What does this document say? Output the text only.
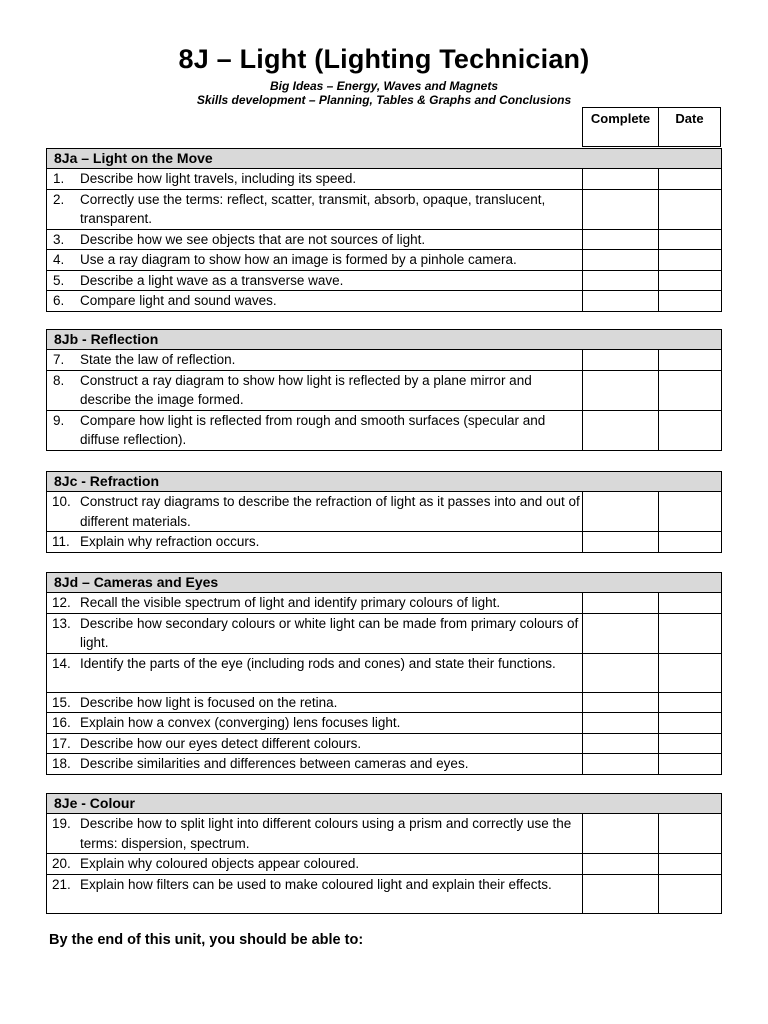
8J – Light (Lighting Technician)
Big Ideas – Energy, Waves and Magnets
Skills development – Planning, Tables & Graphs and Conclusions
Complete	Date
8Ja – Light on the Move		

1. Describe how light travels, including its speed.		

2. Correctly use the terms: reflect, scatter, transmit, absorb, opaque, translucent, transparent.		

3. Describe how we see objects that are not sources of light.		

4. Use a ray diagram to show how an image is formed by a pinhole camera.		

5. Describe a light wave as a transverse wave.		

6. Compare light and sound waves.		

8Jb - Reflection		

7. State the law of reflection.		

8. Construct a ray diagram to show how light is reflected by a plane mirror and describe the image formed.		

9. Compare how light is reflected from rough and smooth surfaces (specular and diffuse reflection).		

8Jc - Refraction		

10. Construct ray diagrams to describe the refraction of light as it passes into and out of different materials.		

11. Explain why refraction occurs.		

8Jd – Cameras and Eyes		

12. Recall the visible spectrum of light and identify primary colours of light.		

13. Describe how secondary colours or white light can be made from primary colours of light.		

14. Identify the parts of the eye (including rods and cones) and state their functions.		

15. Describe how light is focused on the retina.		

16. Explain how a convex (converging) lens focuses light.		

17. Describe how our eyes detect different colours.		

18. Describe similarities and differences between cameras and eyes.		

8Je - Colour		

19. Describe how to split light into different colours using a prism and correctly use the terms: dispersion, spectrum.		

20. Explain why coloured objects appear coloured.		

21. Explain how filters can be used to make coloured light and explain their effects.		

By the end of this unit, you should be able to:
